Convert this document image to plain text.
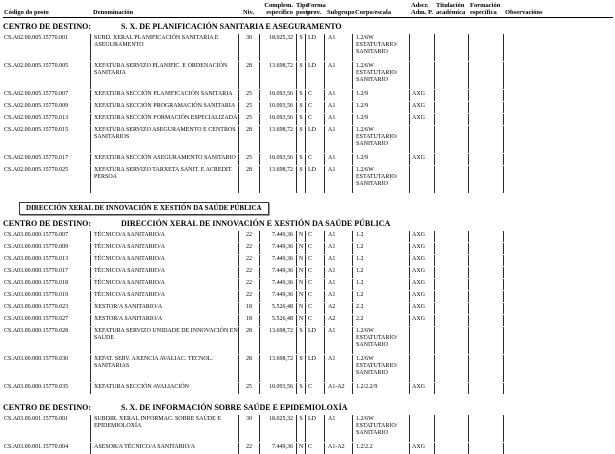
Código do posto	Denominación	Niv.
Complem.
específico
Tipo
posto
Forma
prov. Subgrupo Corpo/escala
Adscr.
Adm. P.
Titulación
académica
Formación
específica	Observacións
CENTRO DE DESTINO:	S. X. DE PLANIFICACIÓN SANITARIA E ASEGURAMENTO
CS.A02.00.005.15770.001	SUBD. XERAL PLANIFICACIÓN SANITARIA E ASEGURAMENTO
30	18.025,32	S LD	A1	1.2/6W
ESTATUTARIO/
SANITARIO
CS.A02.00.005.15770.005	XEFATURA SERVIZO PLANIFIC. E ORDENACIÓN SANITARIA
28	13.698,72	S LD	A1	1.2/6W
ESTATUTARIO/
SANITARIO
CS.A02.00.005.15770.007	XEFATURA SECCIÓN PLANIFICACIÓN SANITARIA	25	10.093,56	S C	A1	1.2/9	AXG
CS.A02.00.005.15770.009	XEFATURA SECCIÓN PROGRAMACIÓN SANITARIA	25	10.093,56	S C	A1	1.2/9	AXG
CS.A02.00.005.15770.013	XEFATURA SECCIÓN FORMACIÓN ESPECIALIZADA	25	10.093,56	S C	A1	1.2/9	AXG
CS.A02.00.005.15770.015	XEFATURA SERVIZO ASEGURAMENTO E CENTROS SANITARIOS
28	13.698,72	S LD	A1	1.2/6W
ESTATUTARIO/
SANITARIO
CS.A02.00.005.15770.017	XEFATURA SECCIÓN ASEGURAMENTO SANITARIO	25	10.093,56	S C	A1	1.2/9	AXG
CS.A02.00.005.15770.025	XEFATURA SERVIZO TARXETA SANIT. E ACREDIT. PERSOA
28	13.698,72	S LD	A1	1.2/6W
ESTATUTARIO/
SANITARIO
DIRECCIÓN XERAL DE INNOVACIÓN E XESTIÓN DA SAÚDE PÚBLICA
CENTRO DE DESTINO:	DIRECCIÓN XERAL DE INNOVACIÓN E XESTIÓN DA SAÚDE PÚBLICA
CS.A03.00.000.15770.007	TÉCNICO/A SANITARIO/A	22	7.449,36 N C	A1	1.2	AXG
CS.A03.00.000.15770.009	TÉCNICO/A SANITARIO/A	22	7.449,36 N C	A1	1.2	AXG
CS.A03.00.000.15770.013	TÉCNICO/A SANITARIO/A	22	7.449,36 N C	A1	1.2	AXG
CS.A03.00.000.15770.017	TÉCNICO/A SANITARIO/A	22	7.449,36 N C	A1	1.2	AXG
CS.A03.00.000.15770.018	TÉCNICO/A SANITARIO/A	22	7.449,36 N C	A1	1.2	AXG
CS.A03.00.000.15770.019	TÉCNICO/A SANITARIO/A	22	7.449,36 N C	A1	1.2	AXG
CS.A03.00.000.15770.023	XESTOR/A SANITARIO/A	18	5.526,48 N C	A2	2.2	AXG
CS.A03.00.000.15770.027	XESTOR/A SANITARIO/A	18	5.526,48 N C	A2	2.2	AXG
CS.A03.00.000.15770.028	XEFATURA SERVIZO UNIDADE DE INNOVACIÓN EN SAÚDE
28	13.698,72	S LD	A1	1.2/6W
ESTATUTARIO/
SANITARIO
CS.A03.00.000.15770.030	XEFAT. SERV. AXENCIA AVALIAC. TECNOL. SANITARIAS
28	13.698,72	S LD	A1	1.2/6W
ESTATUTARIO/
SANITARIO
CS.A03.00.000.15770.035	XEFATURA SECCIÓN AVALIACIÓN	25	10.093,56	S C	A1-A2	1.2/2.2/9	AXG
CENTRO DE DESTINO:	S. X. DE INFORMACIÓN SOBRE SAÚDE E EPIDEMIOLOXÍA
CS.A03.00.001.15770.001	SUBDIR. XERAL INFORMAC. SOBRE SAÚDE E EPIDEMIOLOXÍA
30	18.025,32	S LD	A1	1.2/6W
ESTATUTARIO/
SANITARIO
CS.A03.00.001.15770.004	ASESOR/A TÉCNICO/A SANITARIO/A	22	7.449,36 N C	A1-A2	1.2/2.2	AXG
